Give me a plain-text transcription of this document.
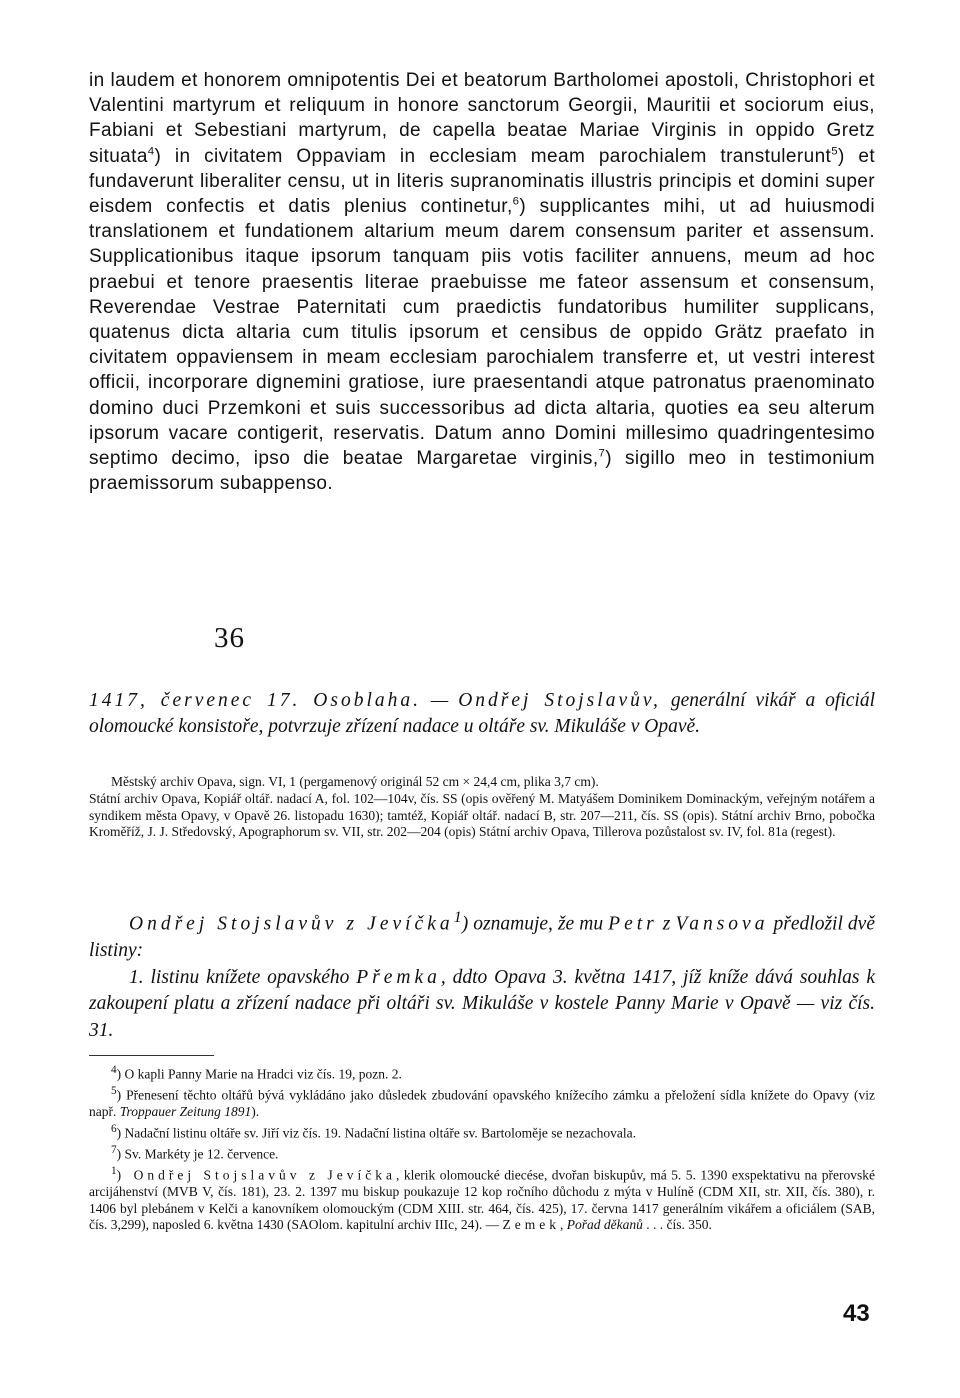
in laudem et honorem omnipotentis Dei et beatorum Bartholomei apostoli, Christophori et Valentini martyrum et reliquum in honore sanctorum Georgii, Mauritii et sociorum eius, Fabiani et Sebestiani martyrum, de capella beatae Mariae Virginis in oppido Gretz situata$^4$) in civitatem Oppaviam in ecclesiam meam parochialem transtulerunt$^5$) et fundaverunt liberaliter censu, ut in literis supranominatis illustris principis et domini super eisdem confectis et datis plenius continetur,$^6$) supplicantes mihi, ut ad huiusmodi translationem et fundationem altarium meum darem consensum pariter et assensum. Supplicationibus itaque ipsorum tanquam piis votis faciliter annuens, meum ad hoc praebui et tenore praesentis literae praebuisse me fateor assensum et consensum, Reverendae Vestrae Paternitati cum praedictis fundatoribus humiliter supplicans, quatenus dicta altaria cum titulis ipsorum et censibus de oppido Grätz praefato in civitatem oppaviensem in meam ecclesiam parochialem transferre et, ut vestri interest officii, incorporare dignemini gratiose, iure praesentandi atque patronatus praenominato domino duci Przemkoni et suis successoribus ad dicta altaria, quoties ea seu alterum ipsorum vacare contigerit, reservatis. Datum anno Domini millesimo quadringentesimo septimo decimo, ipso die beatae Margaretae virginis,$^7$) sigillo meo in testimonium praemissorum subappenso.

36

1417, červenec 17. Osoblaha. — Ondřej Stojslavův, generální vikář a oficiál olomoucké konsistoře, potvrzuje zřízení nadace u oltáře sv. Mikuláše v Opavě.

Městský archiv Opava, sign. VI, 1 (pergamenový originál 52 cm × 24,4 cm, plika 3,7 cm).

Státní archiv Opava, Kopiář oltář. nadací A, fol. 102—104v, čís. SS (opis ověřený M. Matyášem Dominikem Dominackým, veřejným notářem a syndikem města Opavy, v Opavě 26. listopadu 1630); tamtéž, Kopiář oltář. nadací B, str. 207—211, čís. SS (opis). Státní archiv Brno, pobočka Kroměříž, J. J. Středovský, Apographorum sv. VII, str. 202—204 (opis) Státní archiv Opava, Tillerova pozůstalost sv. IV, fol. 81a (regest).

Ondřej Stojslavův z Jevíčka$^1$) oznamuje, že mu Petr z Vansova předložil dvě listiny:

1. listinu knížete opavského Přemka, ddto Opava 3. května 1417, jíž kníže dává souhlas k zakoupení platu a zřízení nadace při oltáři sv. Mikuláše v kostele Panny Marie v Opavě — viz čís. 31.

$^4$) O kapli Panny Marie na Hradci viz čís. 19, pozn. 2.

$^5$) Přenesení těchto oltářů bývá vykládáno jako důsledek zbudování opavského knížecího zámku a přeložení sídla knížete do Opavy (viz např. Troppauer Zeitung 1891).

$^6$) Nadační listinu oltáře sv. Jiří viz čís. 19. Nadační listina oltáře sv. Bartoloměje se nezachovala.

$^7$) Sv. Markéty je 12. července.

$^1$) Ondřej Stojslavův z Jevíčka, klerik olomoucké diecése, dvořan biskupův, má 5. 5. 1390 exspektativu na přerovské arcijáhenství (MVB V, čís. 181), 23. 2. 1397 mu biskup poukazuje 12 kop ročního důchodu z mýta v Hulíně (CDM XII, str. XII, čís. 380), r. 1406 byl plebánem v Kelči a kanovníkem olomouckým (CDM XIII. str. 464, čís. 425), 17. června 1417 generálním vikářem a oficiálem (SAB, čís. 3,299), naposled 6. května 1430 (SAOlom. kapitulní archiv IIIc, 24). — Zemek, Pořad děkanů . . . čís. 350.

43
